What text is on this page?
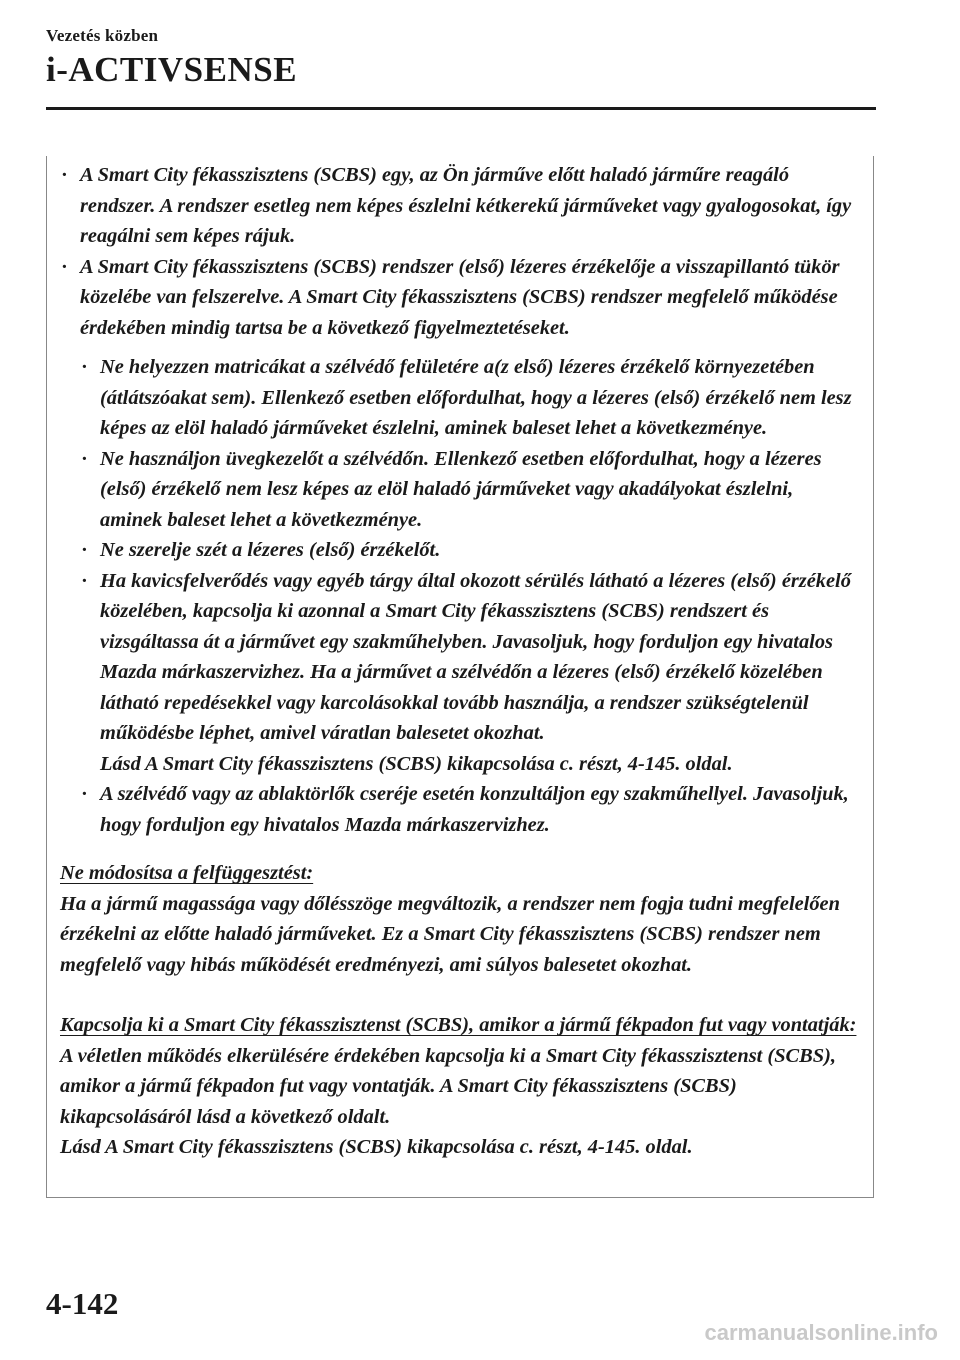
Vezetés közben
i-ACTIVSENSE
· A Smart City fékasszisztens (SCBS) egy, az Ön járműve előtt haladó járműre reagáló rendszer. A rendszer esetleg nem képes észlelni kétkerekű járműveket vagy gyalogosokat, így reagálni sem képes rájuk.
· A Smart City fékasszisztens (SCBS) rendszer (első) lézeres érzékelője a visszapillantó tükör közelébe van felszerelve. A Smart City fékasszisztens (SCBS) rendszer megfelelő működése érdekében mindig tartsa be a következő figyelmeztetéseket.
· Ne helyezzen matricákat a szélvédő felületére a(z első) lézeres érzékelő környezetében (átlátszóakat sem). Ellenkező esetben előfordulhat, hogy a lézeres (első) érzékelő nem lesz képes az elöl haladó járműveket észlelni, aminek baleset lehet a következménye.
· Ne használjon üvegkezelőt a szélvédőn. Ellenkező esetben előfordulhat, hogy a lézeres (első) érzékelő nem lesz képes az elöl haladó járműveket vagy akadályokat észlelni, aminek baleset lehet a következménye.
· Ne szerelje szét a lézeres (első) érzékelőt.
· Ha kavicsfelverődés vagy egyéb tárgy által okozott sérülés látható a lézeres (első) érzékelő közelében, kapcsolja ki azonnal a Smart City fékasszisztens (SCBS) rendszert és vizsgáltassa át a járművet egy szakműhelyben. Javasoljuk, hogy forduljon egy hivatalos Mazda márkaszervizhez. Ha a járművet a szélvédőn a lézeres (első) érzékelő közelében látható repedésekkel vagy karcolásokkal tovább használja, a rendszer szükségtelenül működésbe léphet, amivel váratlan balesetet okozhat.
Lásd A Smart City fékasszisztens (SCBS) kikapcsolása c. részt, 4-145. oldal.
· A szélvédő vagy az ablaktörlők cseréje esetén konzultáljon egy szakműhellyel. Javasoljuk, hogy forduljon egy hivatalos Mazda márkaszervizhez.
Ne módosítsa a felfüggesztést:
Ha a jármű magassága vagy dőlésszöge megváltozik, a rendszer nem fogja tudni megfelelően érzékelni az előtte haladó járműveket. Ez a Smart City fékasszisztens (SCBS) rendszer nem megfelelő vagy hibás működését eredményezi, ami súlyos balesetet okozhat.
Kapcsolja ki a Smart City fékasszisztenst (SCBS), amikor a jármű fékpadon fut vagy vontatják:
A véletlen működés elkerülésére érdekében kapcsolja ki a Smart City fékasszisztenst (SCBS), amikor a jármű fékpadon fut vagy vontatják. A Smart City fékasszisztens (SCBS) kikapcsolásáról lásd a következő oldalt.
Lásd A Smart City fékasszisztens (SCBS) kikapcsolása c. részt, 4-145. oldal.
4-142
carmanualsonline.info
